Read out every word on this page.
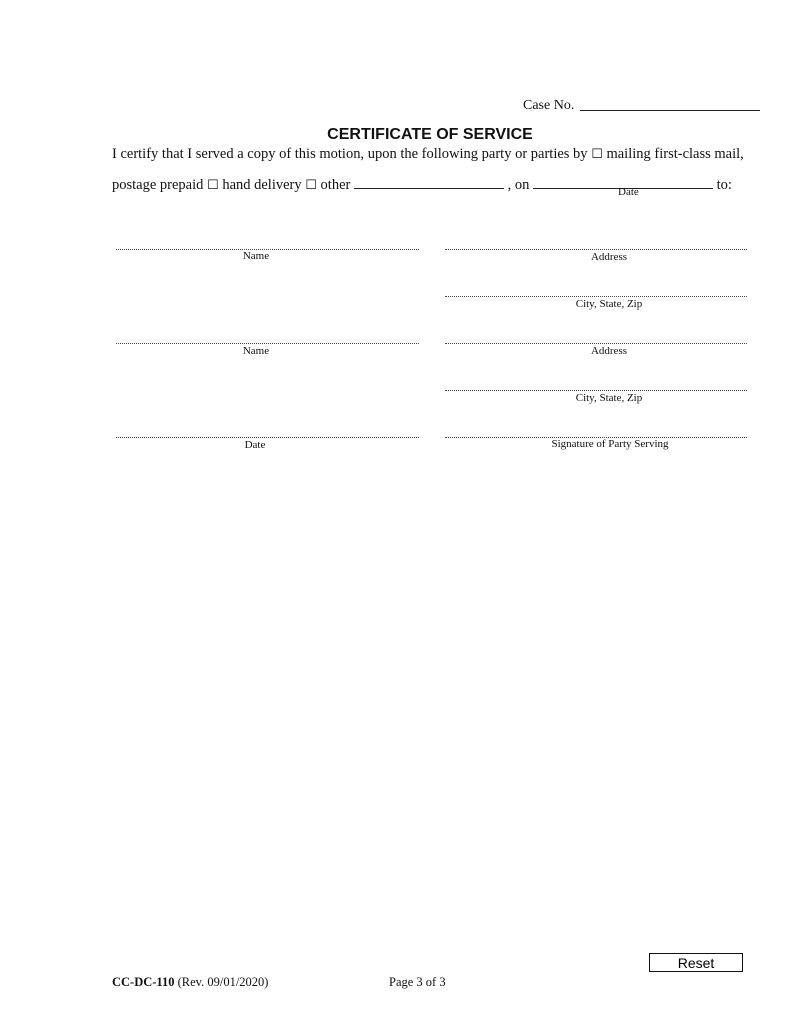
Case No.
CERTIFICATE OF SERVICE
I certify that I served a copy of this motion, upon the following party or parties by ☐ mailing first-class mail,
postage prepaid ☐ hand delivery ☐ other	, on	to:
Date
Name	Address
City, State, Zip
Name	Address
City, State, Zip
Date	Signature of Party Serving
Reset
CC-DC-110 (Rev. 09/01/2020)	Page 3 of 3
